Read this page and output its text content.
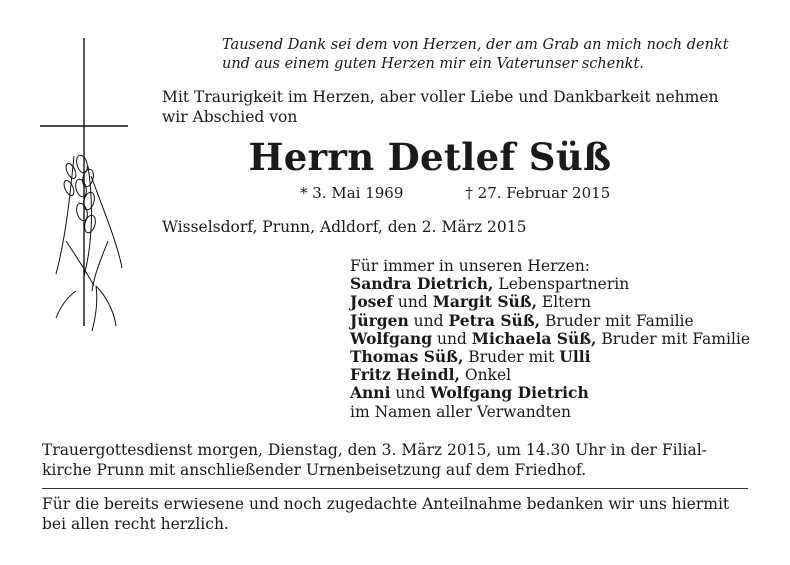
Tausend Dank sei dem von Herzen, der am Grab an mich noch denkt
und aus einem guten Herzen mir ein Vaterunser schenkt.
Mit Traurigkeit im Herzen, aber voller Liebe und Dankbarkeit nehmen
wir Abschied von
Herrn Detlef Süß
* 3. Mai 1969	† 27. Februar 2015
Wisselsdorf, Prunn, Adldorf, den 2. März 2015
Für immer in unseren Herzen:
Sandra Dietrich, Lebenspartnerin
Josef und Margit Süß, Eltern
Jürgen und Petra Süß, Bruder mit Familie
Wolfgang und Michaela Süß, Bruder mit Familie
Thomas Süß, Bruder mit Ulli
Fritz Heindl, Onkel
Anni und Wolfgang Dietrich
im Namen aller Verwandten
Trauergottesdienst morgen, Dienstag, den 3. März 2015, um 14.30 Uhr in der Filial-
kirche Prunn mit anschließender Urnenbeisetzung auf dem Friedhof.
Für die bereits erwiesene und noch zugedachte Anteilnahme bedanken wir uns hiermit
bei allen recht herzlich.
